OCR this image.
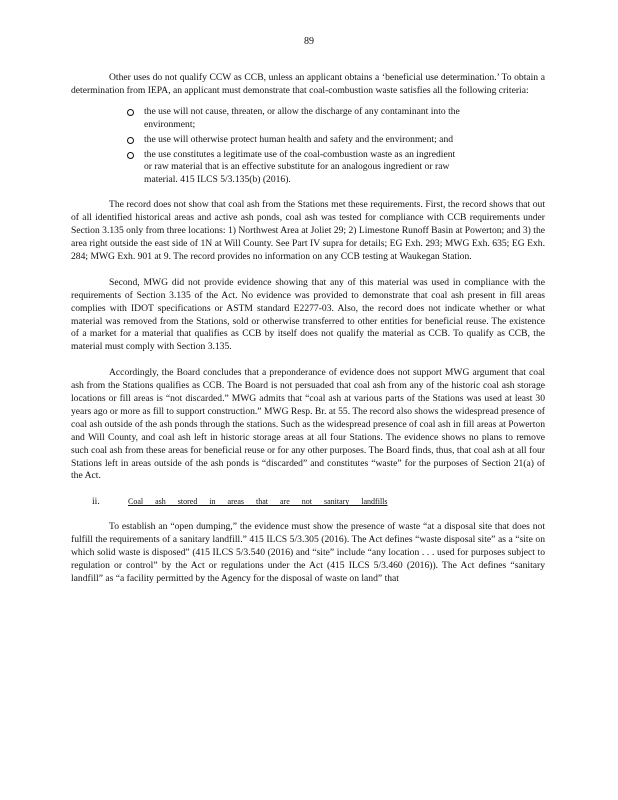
89

Other uses do not qualify CCW as CCB, unless an applicant obtains a ‘beneficial use determination.’ To obtain a determination from IEPA, an applicant must demonstrate that coal-combustion waste satisfies all the following criteria:

the use will not cause, threaten, or allow the discharge of any contaminant into the environment;
the use will otherwise protect human health and safety and the environment; and
the use constitutes a legitimate use of the coal-combustion waste as an ingredient or raw material that is an effective substitute for an analogous ingredient or raw material. 415 ILCS 5/3.135(b) (2016).

The record does not show that coal ash from the Stations met these requirements. First, the record shows that out of all identified historical areas and active ash ponds, coal ash was tested for compliance with CCB requirements under Section 3.135 only from three locations: 1) Northwest Area at Joliet 29; 2) Limestone Runoff Basin at Powerton; and 3) the area right outside the east side of 1N at Will County. See Part IV supra for details; EG Exh. 293; MWG Exh. 635; EG Exh. 284; MWG Exh. 901 at 9. The record provides no information on any CCB testing at Waukegan Station.

Second, MWG did not provide evidence showing that any of this material was used in compliance with the requirements of Section 3.135 of the Act. No evidence was provided to demonstrate that coal ash present in fill areas complies with IDOT specifications or ASTM standard E2277-03. Also, the record does not indicate whether or what material was removed from the Stations, sold or otherwise transferred to other entities for beneficial reuse. The existence of a market for a material that qualifies as CCB by itself does not qualify the material as CCB. To qualify as CCB, the material must comply with Section 3.135.

Accordingly, the Board concludes that a preponderance of evidence does not support MWG argument that coal ash from the Stations qualifies as CCB. The Board is not persuaded that coal ash from any of the historic coal ash storage locations or fill areas is “not discarded.” MWG admits that “coal ash at various parts of the Stations was used at least 30 years ago or more as fill to support construction.” MWG Resp. Br. at 55. The record also shows the widespread presence of coal ash outside of the ash ponds through the stations. Such as the widespread presence of coal ash in fill areas at Powerton and Will County, and coal ash left in historic storage areas at all four Stations. The evidence shows no plans to remove such coal ash from these areas for beneficial reuse or for any other purposes. The Board finds, thus, that coal ash at all four Stations left in areas outside of the ash ponds is “discarded” and constitutes “waste” for the purposes of Section 21(a) of the Act.

ii.	Coal ash stored in areas that are not sanitary landfills

To establish an “open dumping,” the evidence must show the presence of waste “at a disposal site that does not fulfill the requirements of a sanitary landfill.” 415 ILCS 5/3.305 (2016). The Act defines “waste disposal site” as a “site on which solid waste is disposed” (415 ILCS 5/3.540 (2016) and “site” include “any location . . . used for purposes subject to regulation or control” by the Act or regulations under the Act (415 ILCS 5/3.460 (2016)). The Act defines “sanitary landfill” as “a facility permitted by the Agency for the disposal of waste on land” that
